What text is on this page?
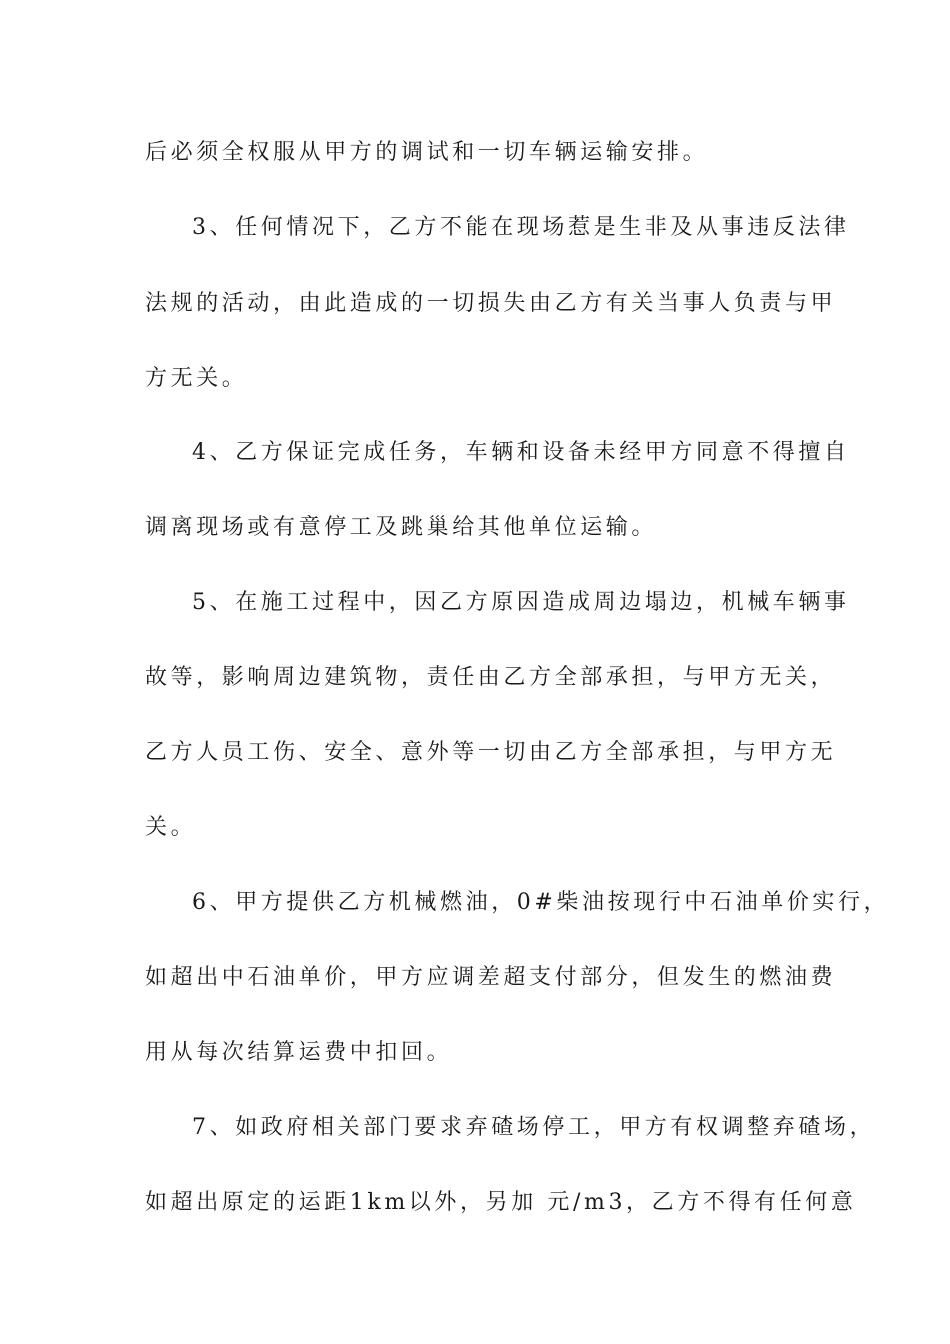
后必须全权服从甲方的调试和一切车辆运输安排。
3、任何情况下，乙方不能在现场惹是生非及从事违反法律
法规的活动，由此造成的一切损失由乙方有关当事人负责与甲
方无关。
4、乙方保证完成任务，车辆和设备未经甲方同意不得擅自
调离现场或有意停工及跳巢给其他单位运输。
5、在施工过程中，因乙方原因造成周边塌边，机械车辆事
故等，影响周边建筑物，责任由乙方全部承担，与甲方无关，
乙方人员工伤、安全、意外等一切由乙方全部承担，与甲方无
关。
6、甲方提供乙方机械燃油，0#柴油按现行中石油单价实行，
如超出中石油单价，甲方应调差超支付部分，但发生的燃油费
用从每次结算运费中扣回。
7、如政府相关部门要求弃碴场停工，甲方有权调整弃碴场，
如超出原定的运距1km以外，另加 元/m3，乙方不得有任何意
